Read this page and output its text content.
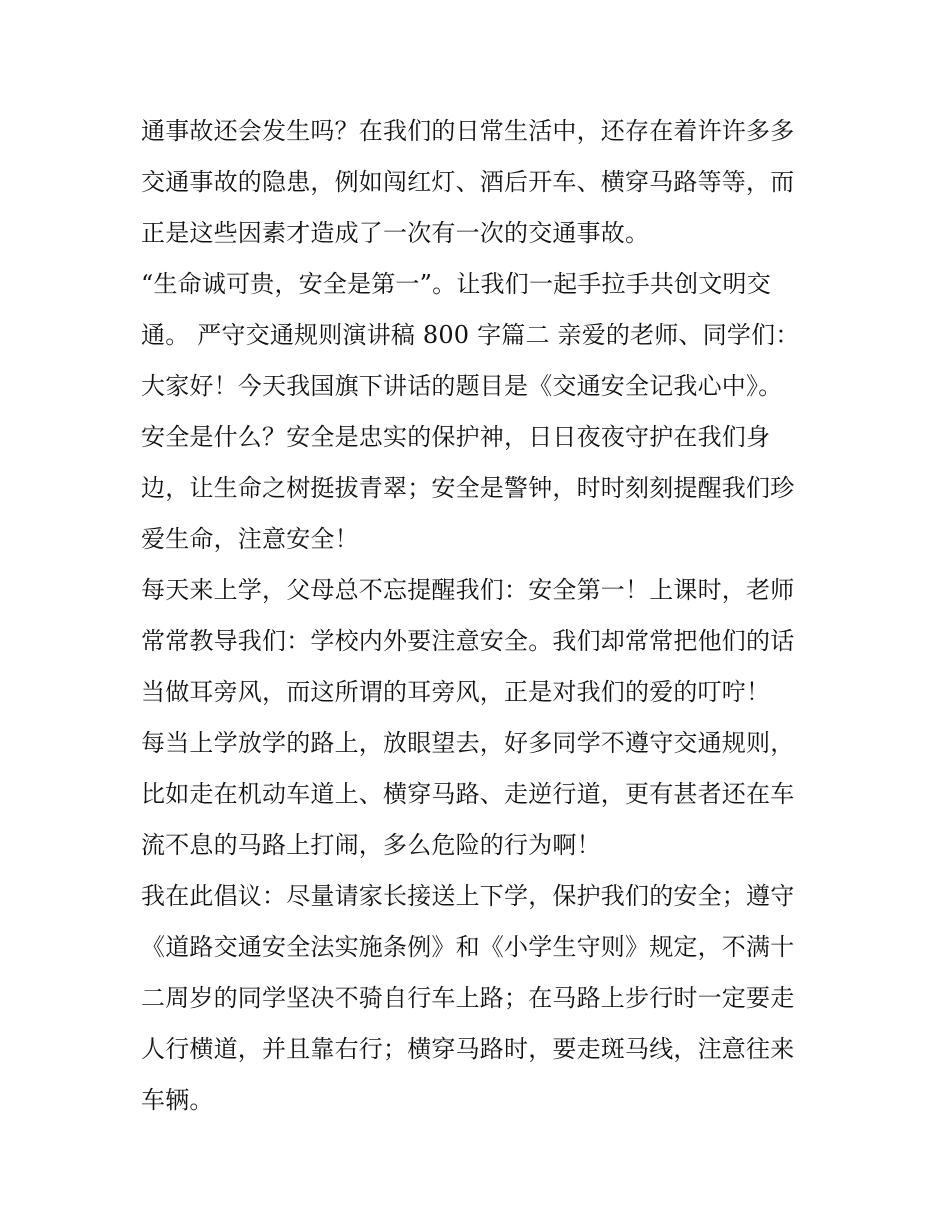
通事故还会发生吗？在我们的日常生活中，还存在着许许多多
交通事故的隐患，例如闯红灯、酒后开车、横穿马路等等，而
正是这些因素才造成了一次有一次的交通事故。
“生命诚可贵，安全是第一”。让我们一起手拉手共创文明交
通。 严守交通规则演讲稿 800 字篇二 亲爱的老师、同学们：
大家好！今天我国旗下讲话的题目是《交通安全记我心中》。
安全是什么？安全是忠实的保护神，日日夜夜守护在我们身
边，让生命之树挺拔青翠；安全是警钟，时时刻刻提醒我们珍
爱生命，注意安全！
每天来上学，父母总不忘提醒我们：安全第一！上课时，老师
常常教导我们：学校内外要注意安全。我们却常常把他们的话
当做耳旁风，而这所谓的耳旁风，正是对我们的爱的叮咛！
每当上学放学的路上，放眼望去，好多同学不遵守交通规则，
比如走在机动车道上、横穿马路、走逆行道，更有甚者还在车
流不息的马路上打闹，多么危险的行为啊！
我在此倡议：尽量请家长接送上下学，保护我们的安全；遵守
《道路交通安全法实施条例》和《小学生守则》规定，不满十
二周岁的同学坚决不骑自行车上路；在马路上步行时一定要走
人行横道，并且靠右行；横穿马路时，要走斑马线，注意往来
车辆。
